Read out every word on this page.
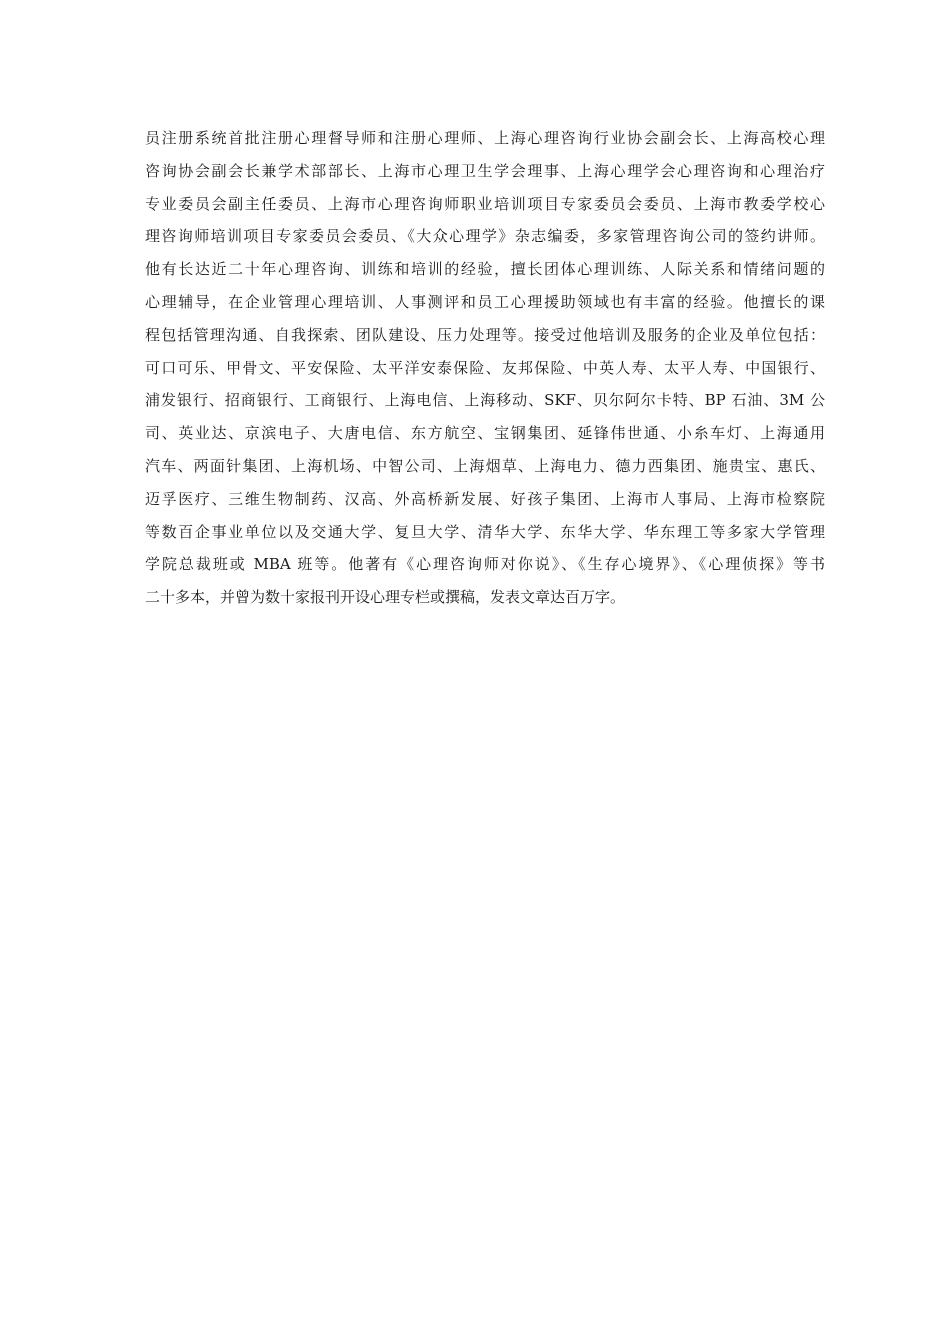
员注册系统首批注册心理督导师和注册心理师、上海心理咨询行业协会副会长、上海高校心理
咨询协会副会长兼学术部部长、上海市心理卫生学会理事、上海心理学会心理咨询和心理治疗
专业委员会副主任委员、上海市心理咨询师职业培训项目专家委员会委员、上海市教委学校心
理咨询师培训项目专家委员会委员、《大众心理学》杂志编委，多家管理咨询公司的签约讲师。
他有长达近二十年心理咨询、训练和培训的经验，擅长团体心理训练、人际关系和情绪问题的
心理辅导，在企业管理心理培训、人事测评和员工心理援助领域也有丰富的经验。他擅长的课
程包括管理沟通、自我探索、团队建设、压力处理等。接受过他培训及服务的企业及单位包括：
可口可乐、甲骨文、平安保险、太平洋安泰保险、友邦保险、中英人寿、太平人寿、中国银行、
浦发银行、招商银行、工商银行、上海电信、上海移动、SKF、贝尔阿尔卡特、BP 石油、3M 公
司、英业达、京滨电子、大唐电信、东方航空、宝钢集团、延锋伟世通、小糸车灯、上海通用
汽车、两面针集团、上海机场、中智公司、上海烟草、上海电力、德力西集团、施贵宝、惠氏、
迈孚医疗、三维生物制药、汉高、外高桥新发展、好孩子集团、上海市人事局、上海市检察院
等数百企事业单位以及交通大学、复旦大学、清华大学、东华大学、华东理工等多家大学管理
学院总裁班或 MBA 班等。他著有《心理咨询师对你说》、《生存心境界》、《心理侦探》等书
二十多本，并曾为数十家报刊开设心理专栏或撰稿，发表文章达百万字。
